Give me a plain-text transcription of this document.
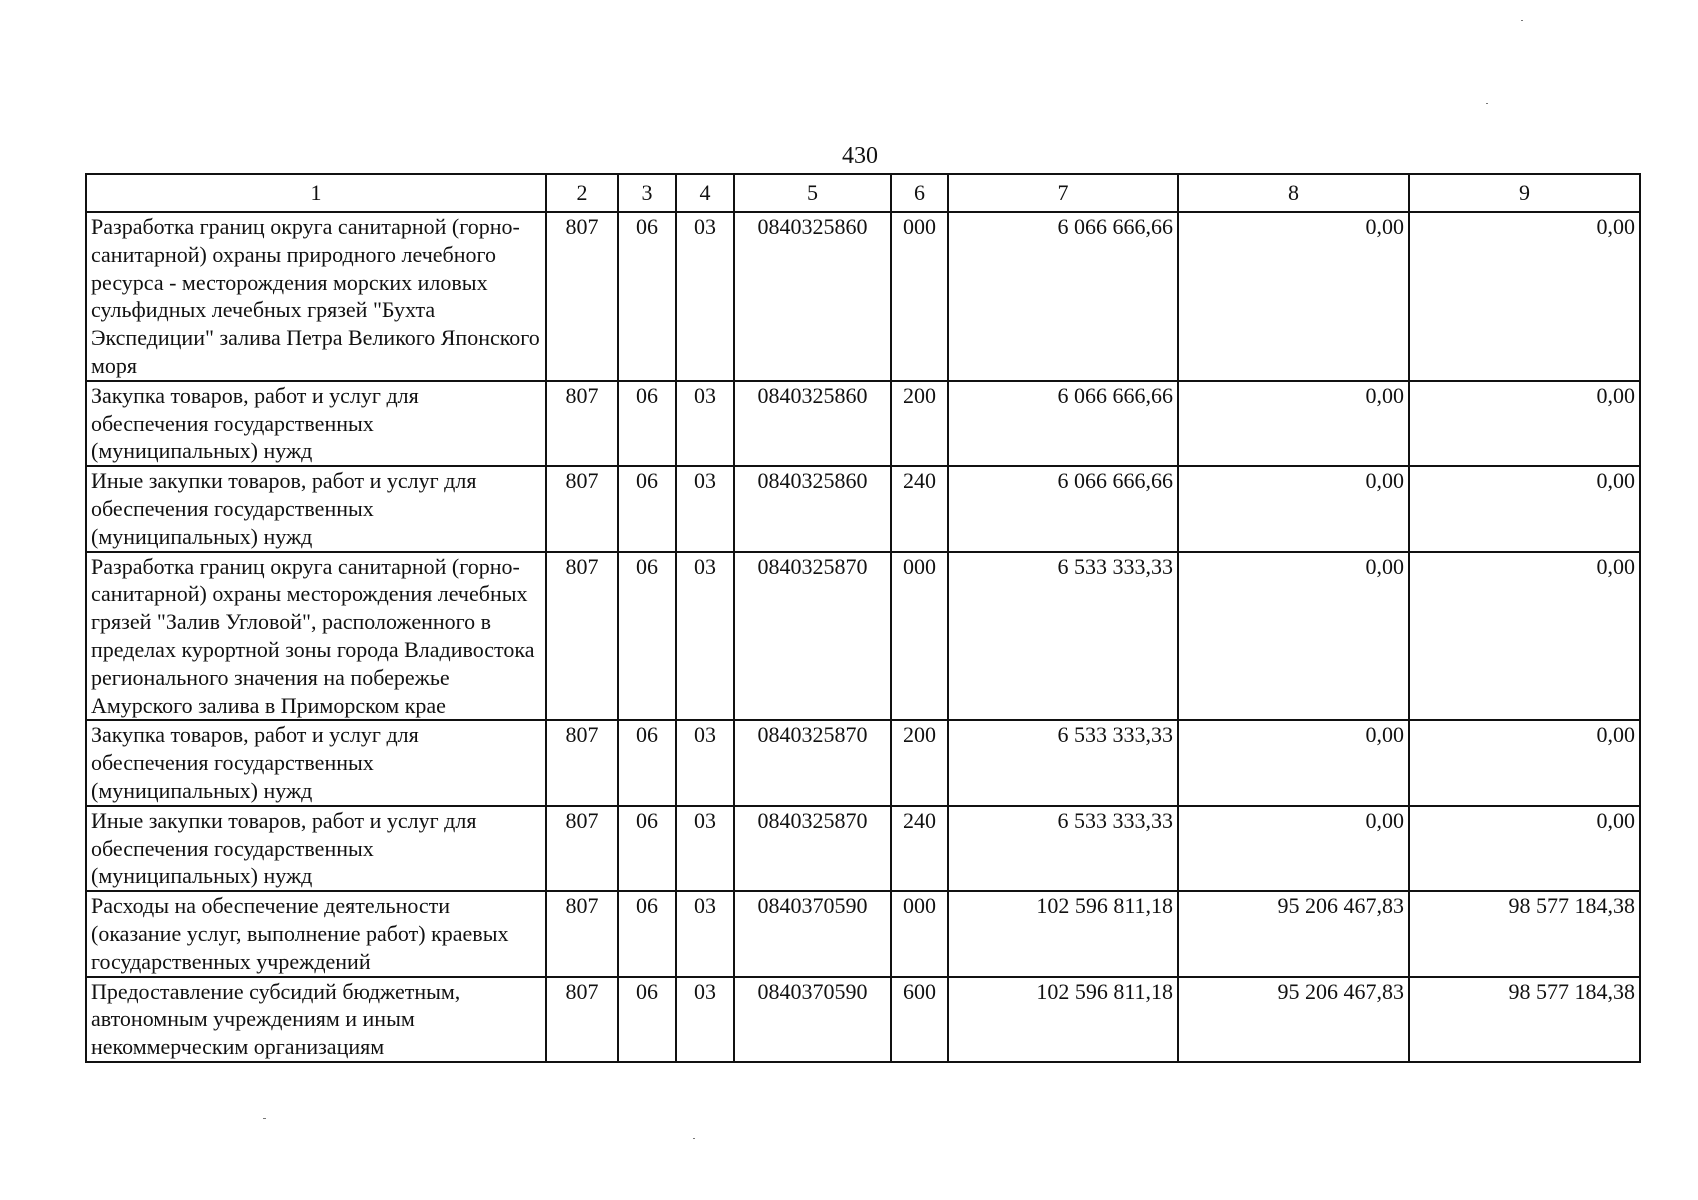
430
1	2	3	4	5	6	7	8	9
Разработка границ округа санитарной (горно- санитарной) охраны природного лечебного ресурса - месторождения морских иловых сульфидных лечебных грязей "Бухта Экспедиции" залива Петра Великого Японского моря	807	06	03	0840325860	000	6 066 666,66	0,00	0,00
Закупка товаров, работ и услуг для обеспечения государственных (муниципальных) нужд	807	06	03	0840325860	200	6 066 666,66	0,00	0,00
Иные закупки товаров, работ и услуг для обеспечения государственных (муниципальных) нужд	807	06	03	0840325860	240	6 066 666,66	0,00	0,00
Разработка границ округа санитарной (горно- санитарной) охраны месторождения лечебных грязей "Залив Угловой", расположенного в пределах курортной зоны города Владивостока регионального значения на побережье Амурского залива в Приморском крае	807	06	03	0840325870	000	6 533 333,33	0,00	0,00
Закупка товаров, работ и услуг для обеспечения государственных (муниципальных) нужд	807	06	03	0840325870	200	6 533 333,33	0,00	0,00
Иные закупки товаров, работ и услуг для обеспечения государственных (муниципальных) нужд	807	06	03	0840325870	240	6 533 333,33	0,00	0,00
Расходы на обеспечение деятельности (оказание услуг, выполнение работ) краевых государственных учреждений	807	06	03	0840370590	000	102 596 811,18	95 206 467,83	98 577 184,38
Предоставление субсидий бюджетным, автономным учреждениям и иным некоммерческим организациям	807	06	03	0840370590	600	102 596 811,18	95 206 467,83	98 577 184,38
